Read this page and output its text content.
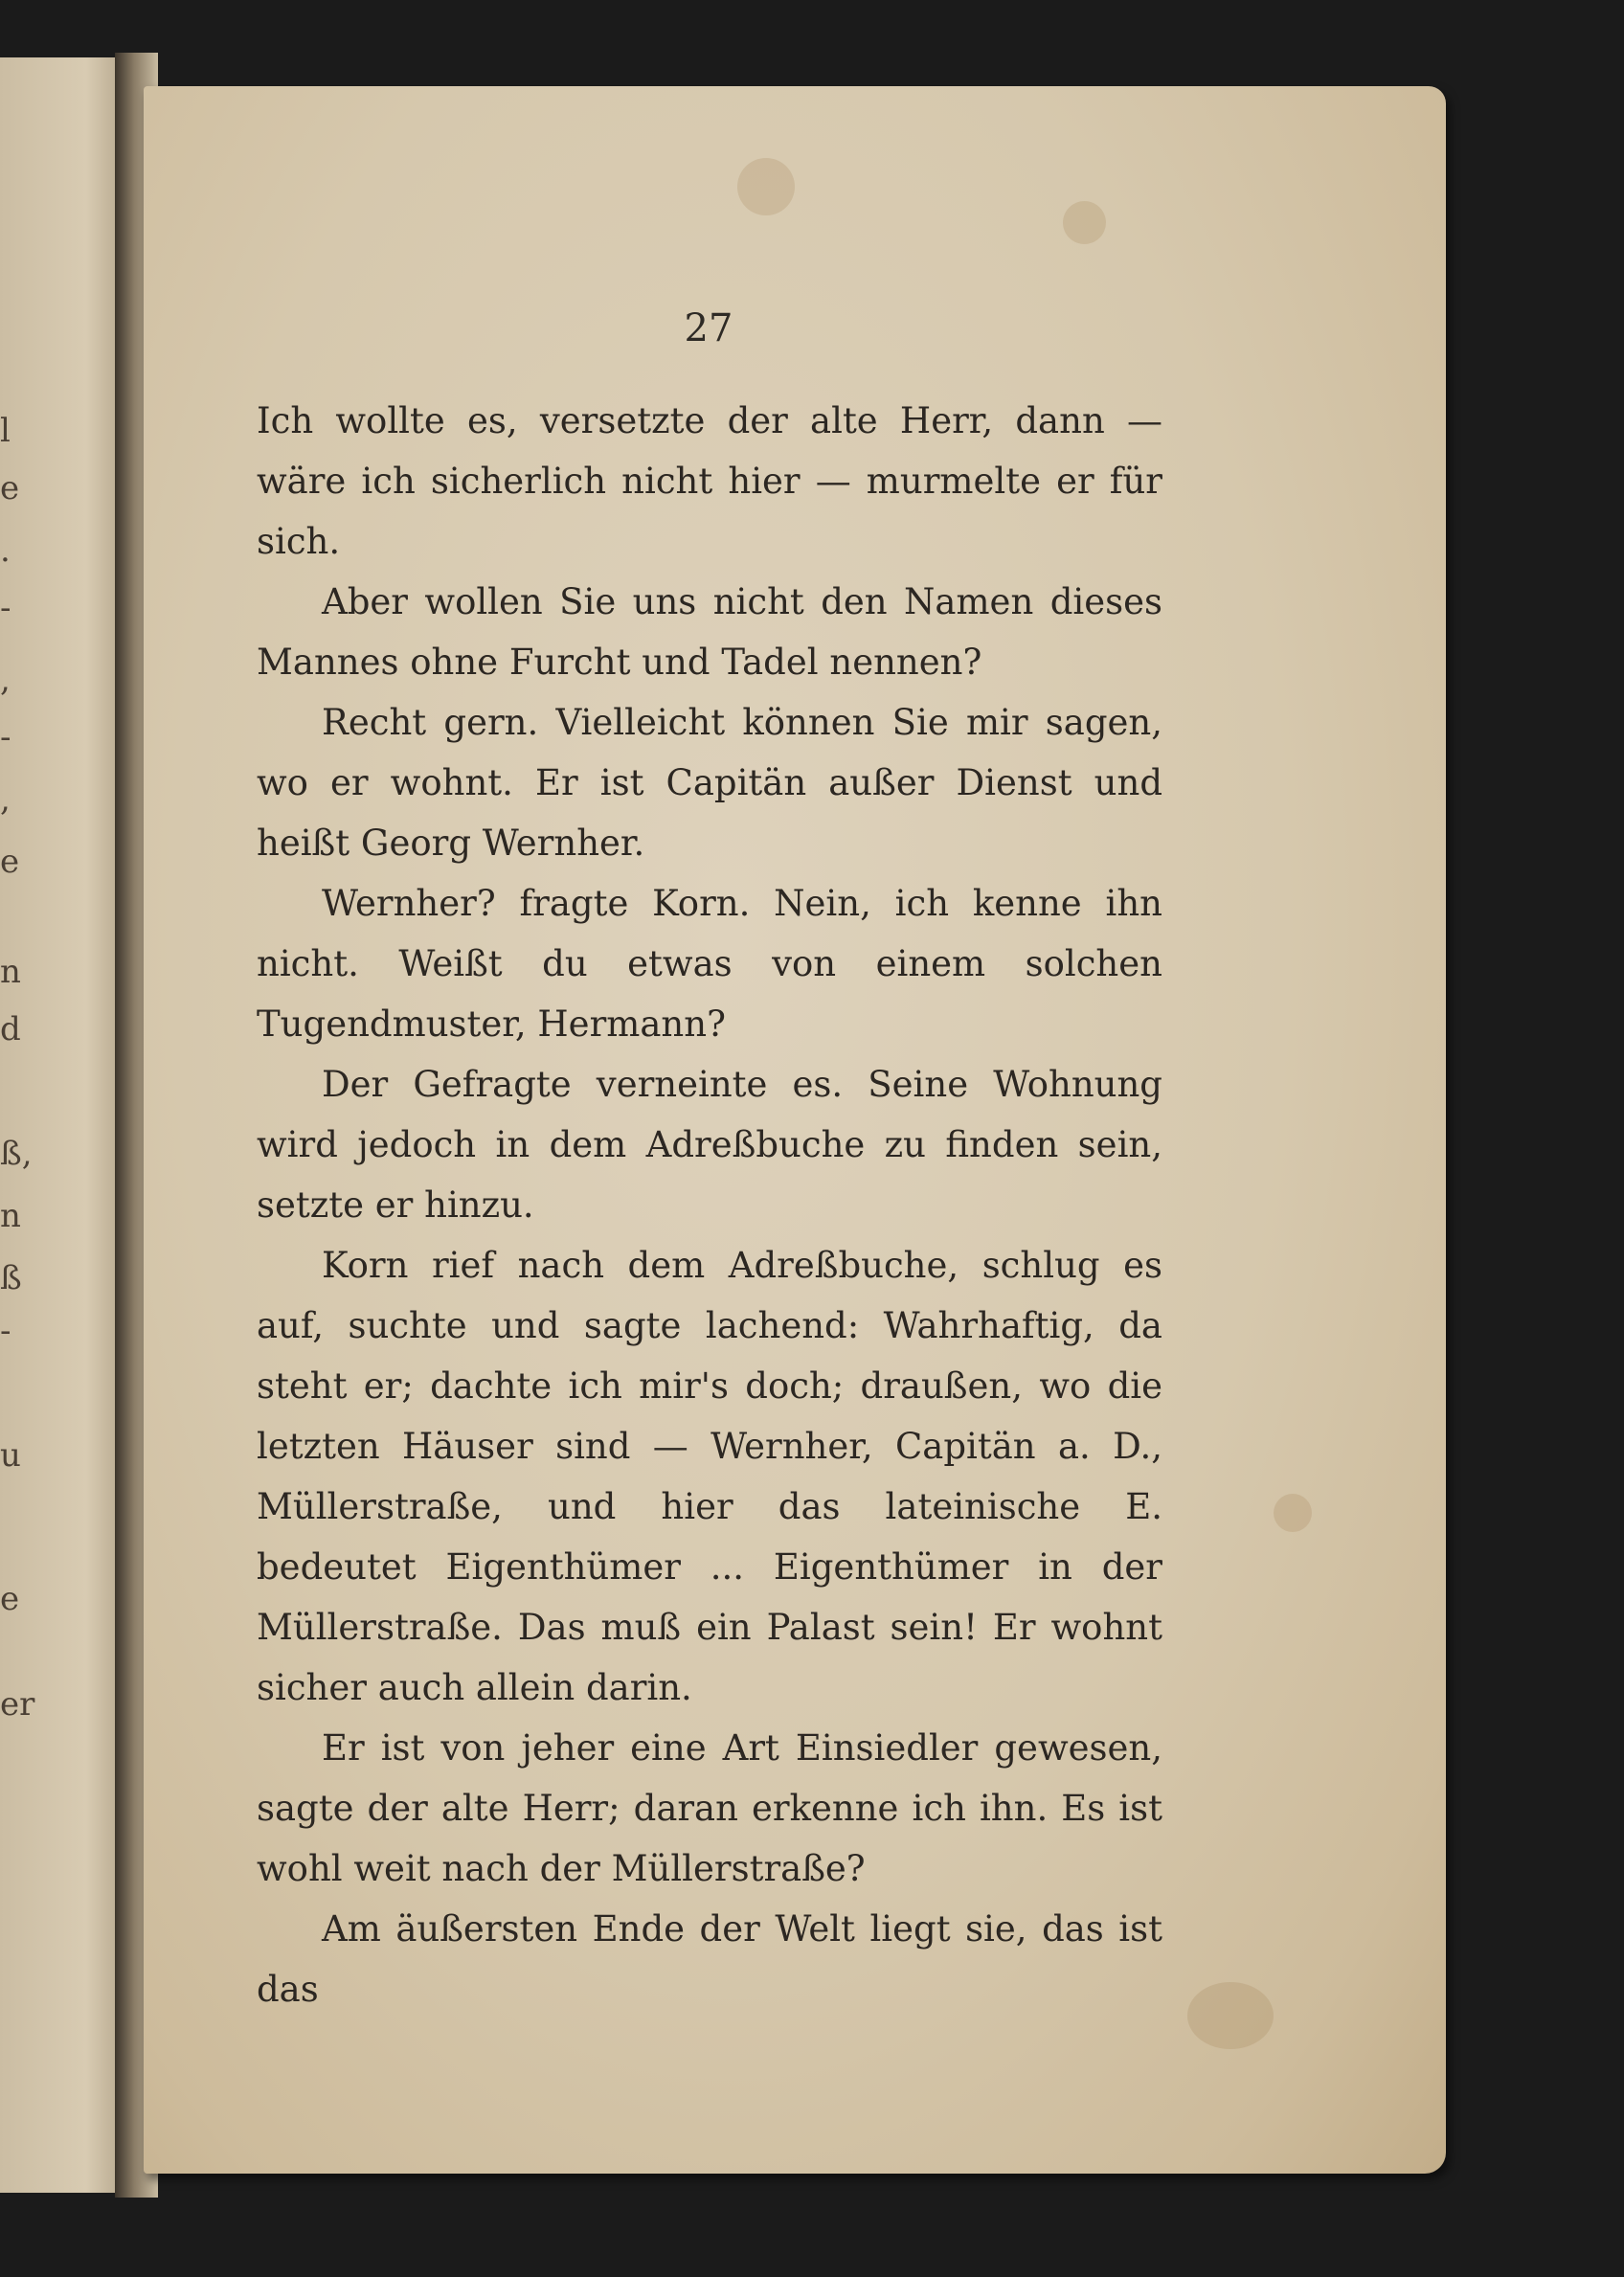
l
e
.
-
,
-
,
e
n
d
ß,
n
ß
-
u
e
er
27

Ich wollte es, versetzte der alte Herr, dann — wäre ich sicherlich nicht hier — murmelte er für sich.

Aber wollen Sie uns nicht den Namen dieses Mannes ohne Furcht und Tadel nennen?

Recht gern. Vielleicht können Sie mir sagen, wo er wohnt. Er ist Capitän außer Dienst und heißt Georg Wernher.

Wernher? fragte Korn. Nein, ich kenne ihn nicht. Weißt du etwas von einem solchen Tugendmuster, Hermann?

Der Gefragte verneinte es. Seine Wohnung wird jedoch in dem Adreßbuche zu finden sein, setzte er hinzu.

Korn rief nach dem Adreßbuche, schlug es auf, suchte und sagte lachend: Wahrhaftig, da steht er; dachte ich mir's doch; draußen, wo die letzten Häuser sind — Wernher, Capitän a. D., Müllerstraße, und hier das lateinische E. bedeutet Eigenthümer ... Eigenthümer in der Müllerstraße. Das muß ein Palast sein! Er wohnt sicher auch allein darin.

Er ist von jeher eine Art Einsiedler gewesen, sagte der alte Herr; daran erkenne ich ihn. Es ist wohl weit nach der Müllerstraße?

Am äußersten Ende der Welt liegt sie, das ist das
